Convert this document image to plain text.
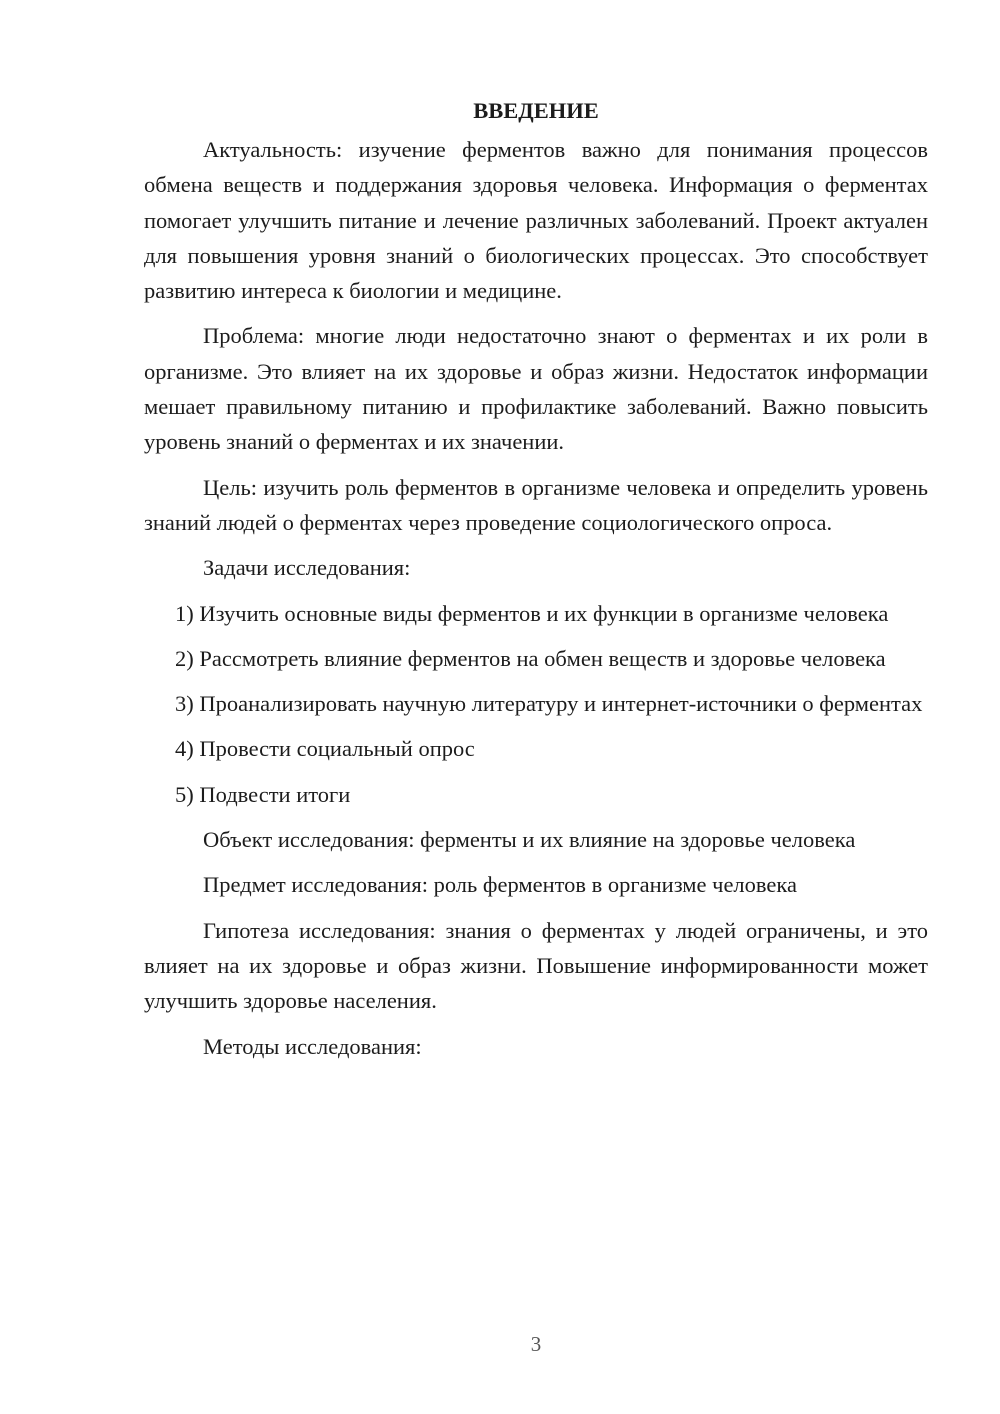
ВВЕДЕНИЕ

Актуальность: изучение ферментов важно для понимания процессов обмена веществ и поддержания здоровья человека. Информация о ферментах помогает улучшить питание и лечение различных заболеваний. Проект актуален для повышения уровня знаний о биологических процессах. Это способствует развитию интереса к биологии и медицине.

Проблема: многие люди недостаточно знают о ферментах и их роли в организме. Это влияет на их здоровье и образ жизни. Недостаток информации мешает правильному питанию и профилактике заболеваний. Важно повысить уровень знаний о ферментах и их значении.

Цель: изучить роль ферментов в организме человека и определить уровень знаний людей о ферментах через проведение социологического опроса.

Задачи исследования:

1) Изучить основные виды ферментов и их функции в организме человека

2) Рассмотреть влияние ферментов на обмен веществ и здоровье человека

3) Проанализировать научную литературу и интернет-источники о ферментах

4) Провести социальный опрос

5) Подвести итоги

Объект исследования: ферменты и их влияние на здоровье человека

Предмет исследования: роль ферментов в организме человека

Гипотеза исследования: знания о ферментах у людей ограничены, и это влияет на их здоровье и образ жизни. Повышение информированности может улучшить здоровье населения.

Методы исследования:

3
